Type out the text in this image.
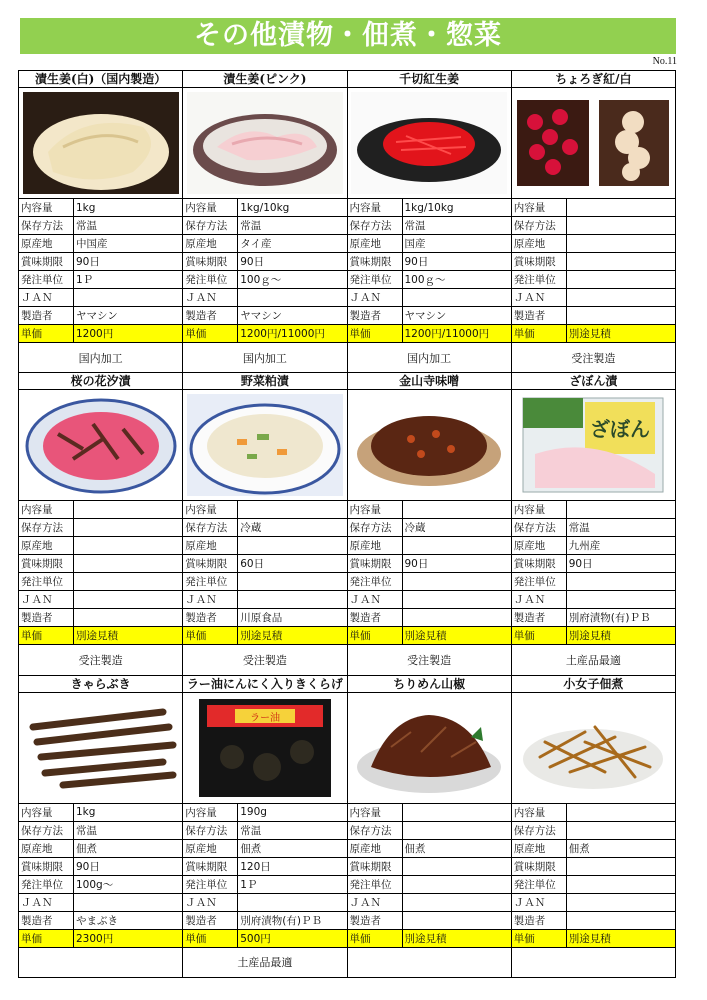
その他漬物・佃煮・惣菜
No.11
漬生姜(白)（国内製造）
内容量	1kg
保存方法	常温
原産地	中国産
賞味期限	90日
発注単位	1Ｐ
ＪＡＮ	
製造者	ヤマシン
単価	1200円
国内加工
漬生姜(ピンク)
内容量	1kg/10kg
保存方法	常温
原産地	タイ産
賞味期限	90日
発注単位	100ｇ～
ＪＡＮ	
製造者	ヤマシン
単価	1200円/11000円
国内加工
千切紅生姜
内容量	1kg/10kg
保存方法	常温
原産地	国産
賞味期限	90日
発注単位	100ｇ～
ＪＡＮ	
製造者	ヤマシン
単価	1200円/11000円
国内加工
ちょろぎ紅/白
内容量	
保存方法	
原産地	
賞味期限	
発注単位	
ＪＡＮ	
製造者	
単価	別途見積
受注製造
桜の花汐漬
内容量	
保存方法	
原産地	
賞味期限	
発注単位	
ＪＡＮ	
製造者	
単価	別途見積
受注製造
野菜粕漬
内容量	
保存方法	冷蔵
原産地	
賞味期限	60日
発注単位	
ＪＡＮ	
製造者	川原食品
単価	別途見積
受注製造
金山寺味噌
内容量	
保存方法	冷蔵
原産地	
賞味期限	90日
発注単位	
ＪＡＮ	
製造者	
単価	別途見積
受注製造
ざぼん漬
ざぼん
内容量	
保存方法	常温
原産地	九州産
賞味期限	90日
発注単位	
ＪＡＮ	
製造者	別府漬物(有)ＰＢ
単価	別途見積
土産品最適
きゃらぶき
内容量	1kg
保存方法	常温
原産地	佃煮
賞味期限	90日
発注単位	100g～
ＪＡＮ	
製造者	やまぶき
単価	2300円
ラー油にんにく入りきくらげ
ラー油
内容量	190g
保存方法	常温
原産地	佃煮
賞味期限	120日
発注単位	1Ｐ
ＪＡＮ	
製造者	別府漬物(有)ＰＢ
単価	500円
土産品最適
ちりめん山椒
内容量	
保存方法	
原産地	佃煮
賞味期限	
発注単位	
ＪＡＮ	
製造者	
単価	別途見積
小女子佃煮
内容量	
保存方法	
原産地	佃煮
賞味期限	
発注単位	
ＪＡＮ	
製造者	
単価	別途見積
